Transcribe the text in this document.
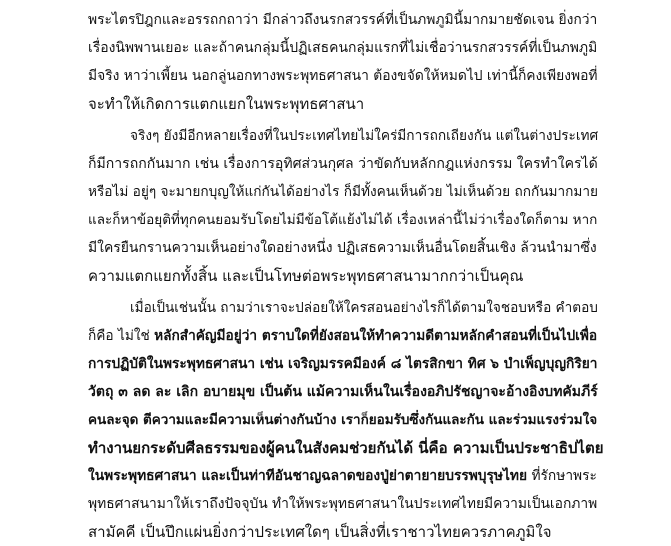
พระไตรปิฎกและอรรถกถาว่า มีกล่าวถึงนรกสวรรค์ที่เป็นภพภูมินี้มากมายชัดเจน ยิ่งกว่า
เรื่องนิพพานเยอะ และถ้าคนกลุ่มนี้ปฏิเสธคนกลุ่มแรกที่ไม่เชื่อว่านรกสวรรค์ที่เป็นภพภูมิ
มีจริง หาว่าเพี้ยน นอกลู่นอกทางพระพุทธศาสนา ต้องขจัดให้หมดไป เท่านี้ก็คงเพียงพอที่
จะทำให้เกิดการแตกแยกในพระพุทธศาสนา

จริงๆ ยังมีอีกหลายเรื่องที่ในประเทศไทยไม่ใคร่มีการถกเถียงกัน แต่ในต่างประเทศ
ก็มีการถกกันมาก เช่น เรื่องการอุทิศส่วนกุศล ว่าขัดกับหลักกฎแห่งกรรม ใครทำใครได้
หรือไม่ อยู่ๆ จะมายกบุญให้แก่กันได้อย่างไร ก็มีทั้งคนเห็นด้วย ไม่เห็นด้วย ถกกันมากมาย
และก็หาข้อยุติที่ทุกคนยอมรับโดยไม่มีข้อโต้แย้งไม่ได้ เรื่องเหล่านี้ไม่ว่าเรื่องใดก็ตาม หาก
มีใครยืนกรานความเห็นอย่างใดอย่างหนึ่ง ปฏิเสธความเห็นอื่นโดยสิ้นเชิง ล้วนนำมาซึ่ง
ความแตกแยกทั้งสิ้น และเป็นโทษต่อพระพุทธศาสนามากกว่าเป็นคุณ

เมื่อเป็นเช่นนั้น ถามว่าเราจะปล่อยให้ใครสอนอย่างไรก็ได้ตามใจชอบหรือ คำตอบ
ก็คือ ไม่ใช่ หลักสำคัญมีอยู่ว่า ตราบใดที่ยังสอนให้ทำความดีตามหลักคำสอนที่เป็นไปเพื่อ
การปฏิบัติในพระพุทธศาสนา เช่น เจริญมรรคมีองค์ ๘ ไตรสิกขา ทิศ ๖ บำเพ็ญบุญกิริยา
วัตถุ ๓ ลด ละ เลิก อบายมุข เป็นต้น แม้ความเห็นในเรื่องอภิปรัชญาจะอ้างอิงบทคัมภีร์
คนละจุด ตีความและมีความเห็นต่างกันบ้าง เราก็ยอมรับซึ่งกันและกัน และร่วมแรงร่วมใจ
ทำงานยกระดับศีลธรรมของผู้คนในสังคมช่วยกันได้ นี่คือ ความเป็นประชาธิปไตย
ในพระพุทธศาสนา และเป็นท่าทีอันชาญฉลาดของปู่ย่าตายายบรรพบุรุษไทย ที่รักษาพระ
พุทธศาสนามาให้เราถึงปัจจุบัน ทำให้พระพุทธศาสนาในประเทศไทยมีความเป็นเอกภาพ
สามัคคี เป็นปึกแผ่นยิ่งกว่าประเทศใดๆ เป็นสิ่งที่เราชาวไทยควรภาคภูมิใจ
